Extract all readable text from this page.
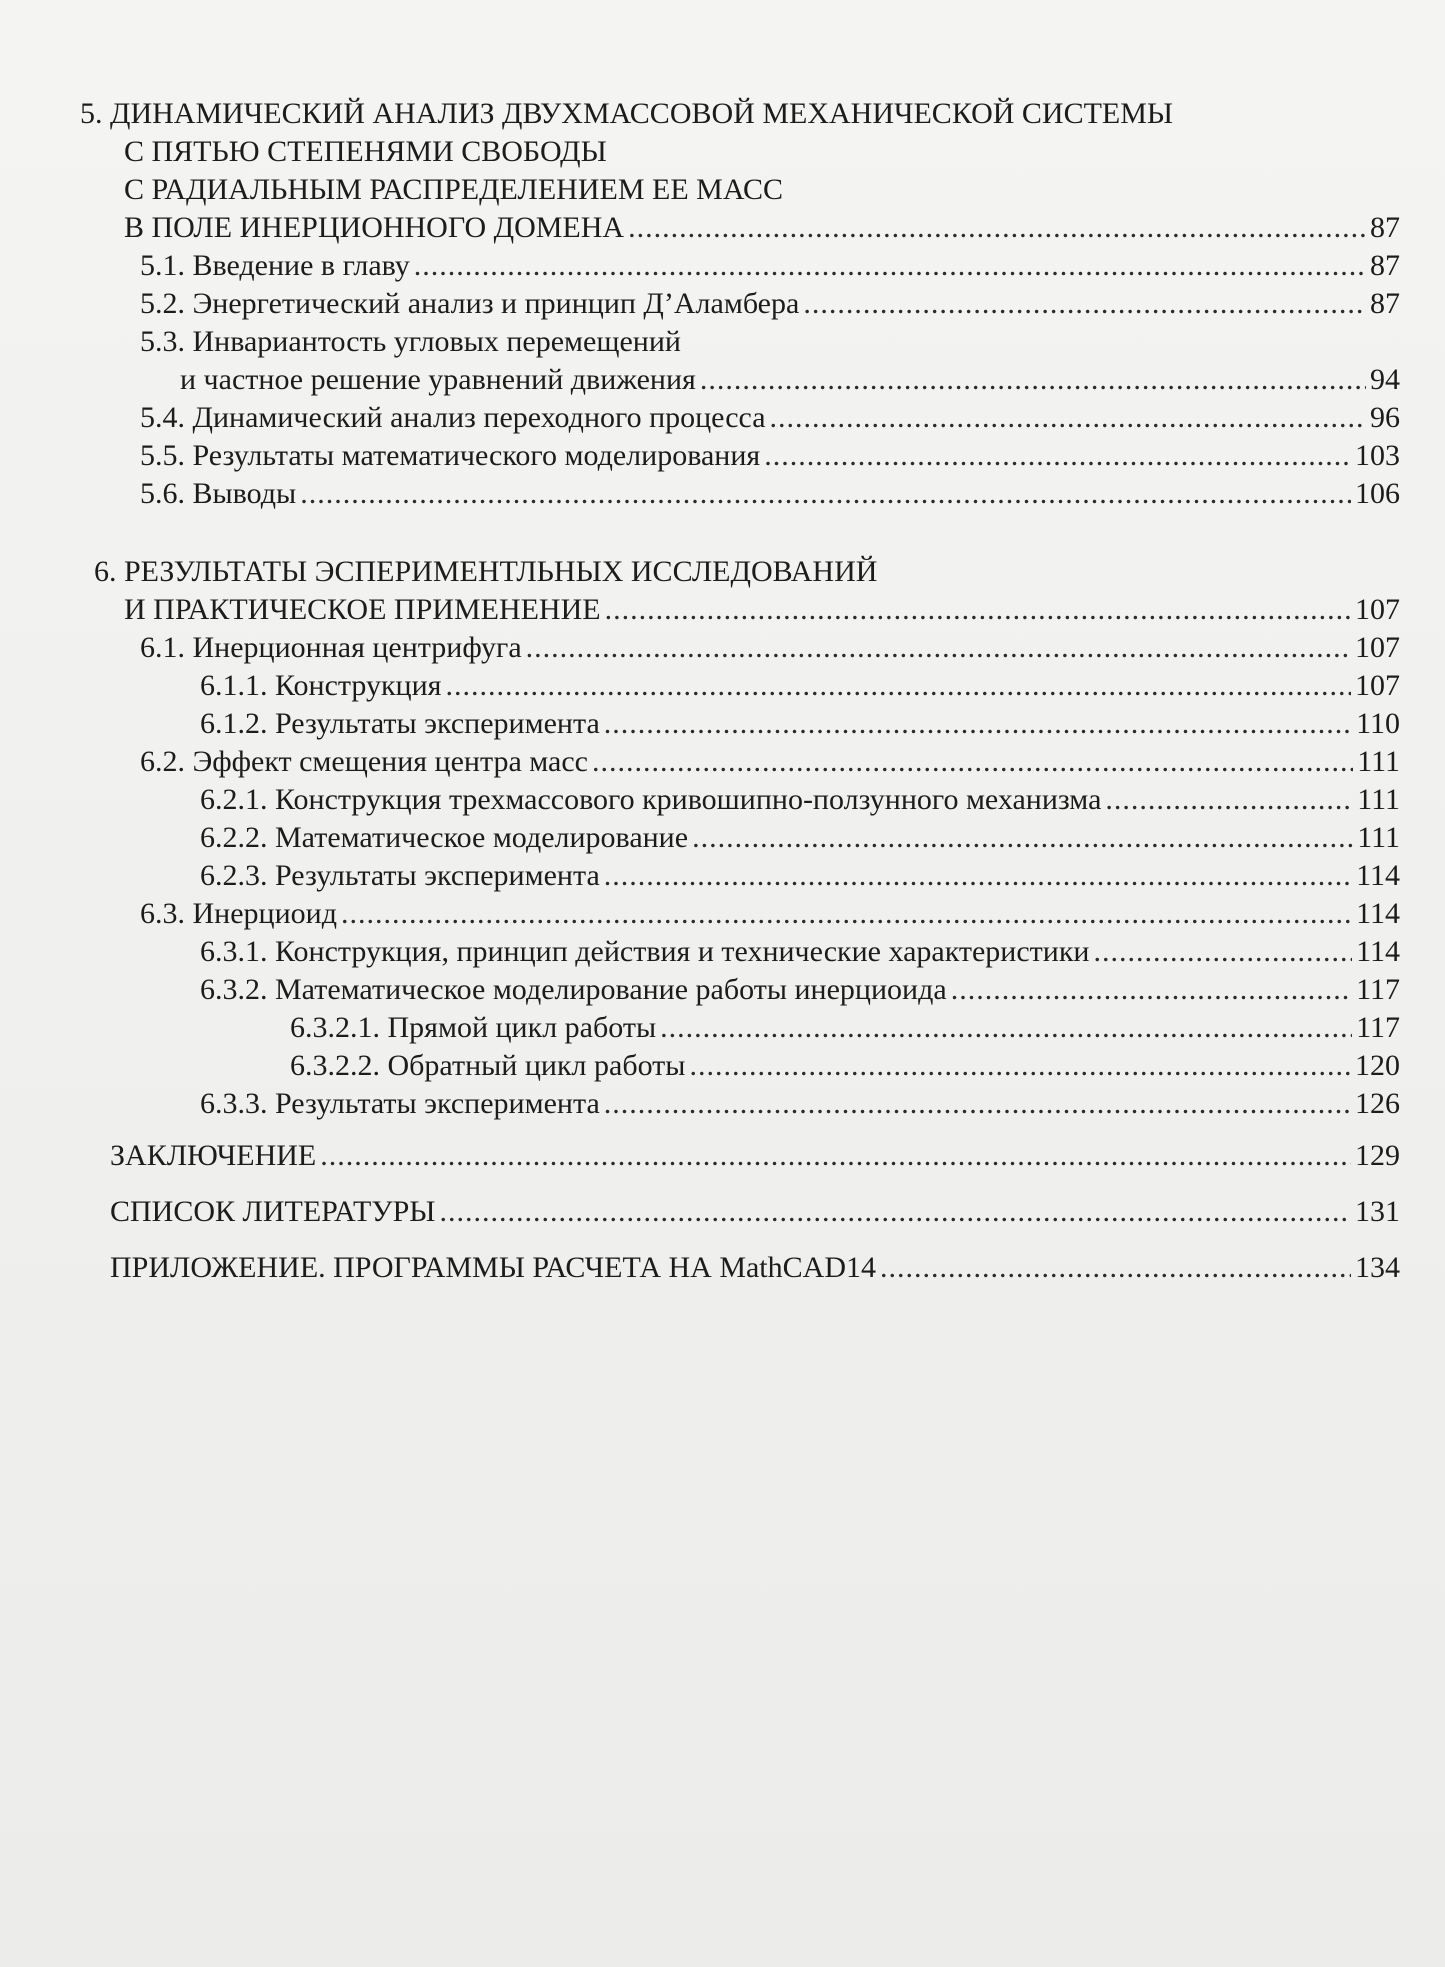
5. ДИНАМИЧЕСКИЙ АНАЛИЗ ДВУХМАССОВОЙ МЕХАНИЧЕСКОЙ СИСТЕМЫ
С ПЯТЬЮ СТЕПЕНЯМИ СВОБОДЫ
С РАДИАЛЬНЫМ РАСПРЕДЕЛЕНИЕМ ЕЕ МАСС
В ПОЛЕ ИНЕРЦИОННОГО ДОМЕНА .....	87
5.1. Введение в главу .....	87
5.2. Энергетический анализ и принцип Д’Аламбера .....	87
5.3. Инвариантость угловых перемещений
и частное решение уравнений движения .....	94
5.4. Динамический анализ переходного процесса .....	96
5.5. Результаты математического моделирования .....	103
5.6. Выводы .....	106
6. РЕЗУЛЬТАТЫ ЭСПЕРИМЕНТЛЬНЫХ ИССЛЕДОВАНИЙ
И ПРАКТИЧЕСКОЕ ПРИМЕНЕНИЕ .....	107
6.1. Инерционная центрифуга .....	107
6.1.1. Конструкция .....	107
6.1.2. Результаты эксперимента .....	110
6.2. Эффект смещения центра масс .....	111
6.2.1. Конструкция трехмассового кривошипно-ползунного механизма .....	111
6.2.2. Математическое моделирование .....	111
6.2.3. Результаты эксперимента .....	114
6.3. Инерциоид .....	114
6.3.1. Конструкция, принцип действия и технические характеристики .....	114
6.3.2. Математическое моделирование работы инерциоида .....	117
6.3.2.1. Прямой цикл работы .....	117
6.3.2.2. Обратный цикл работы .....	120
6.3.3. Результаты эксперимента .....	126
ЗАКЛЮЧЕНИЕ .....	129
СПИСОК ЛИТЕРАТУРЫ .....	131
ПРИЛОЖЕНИЕ. ПРОГРАММЫ РАСЧЕТА НА MathCAD14 .....	134
